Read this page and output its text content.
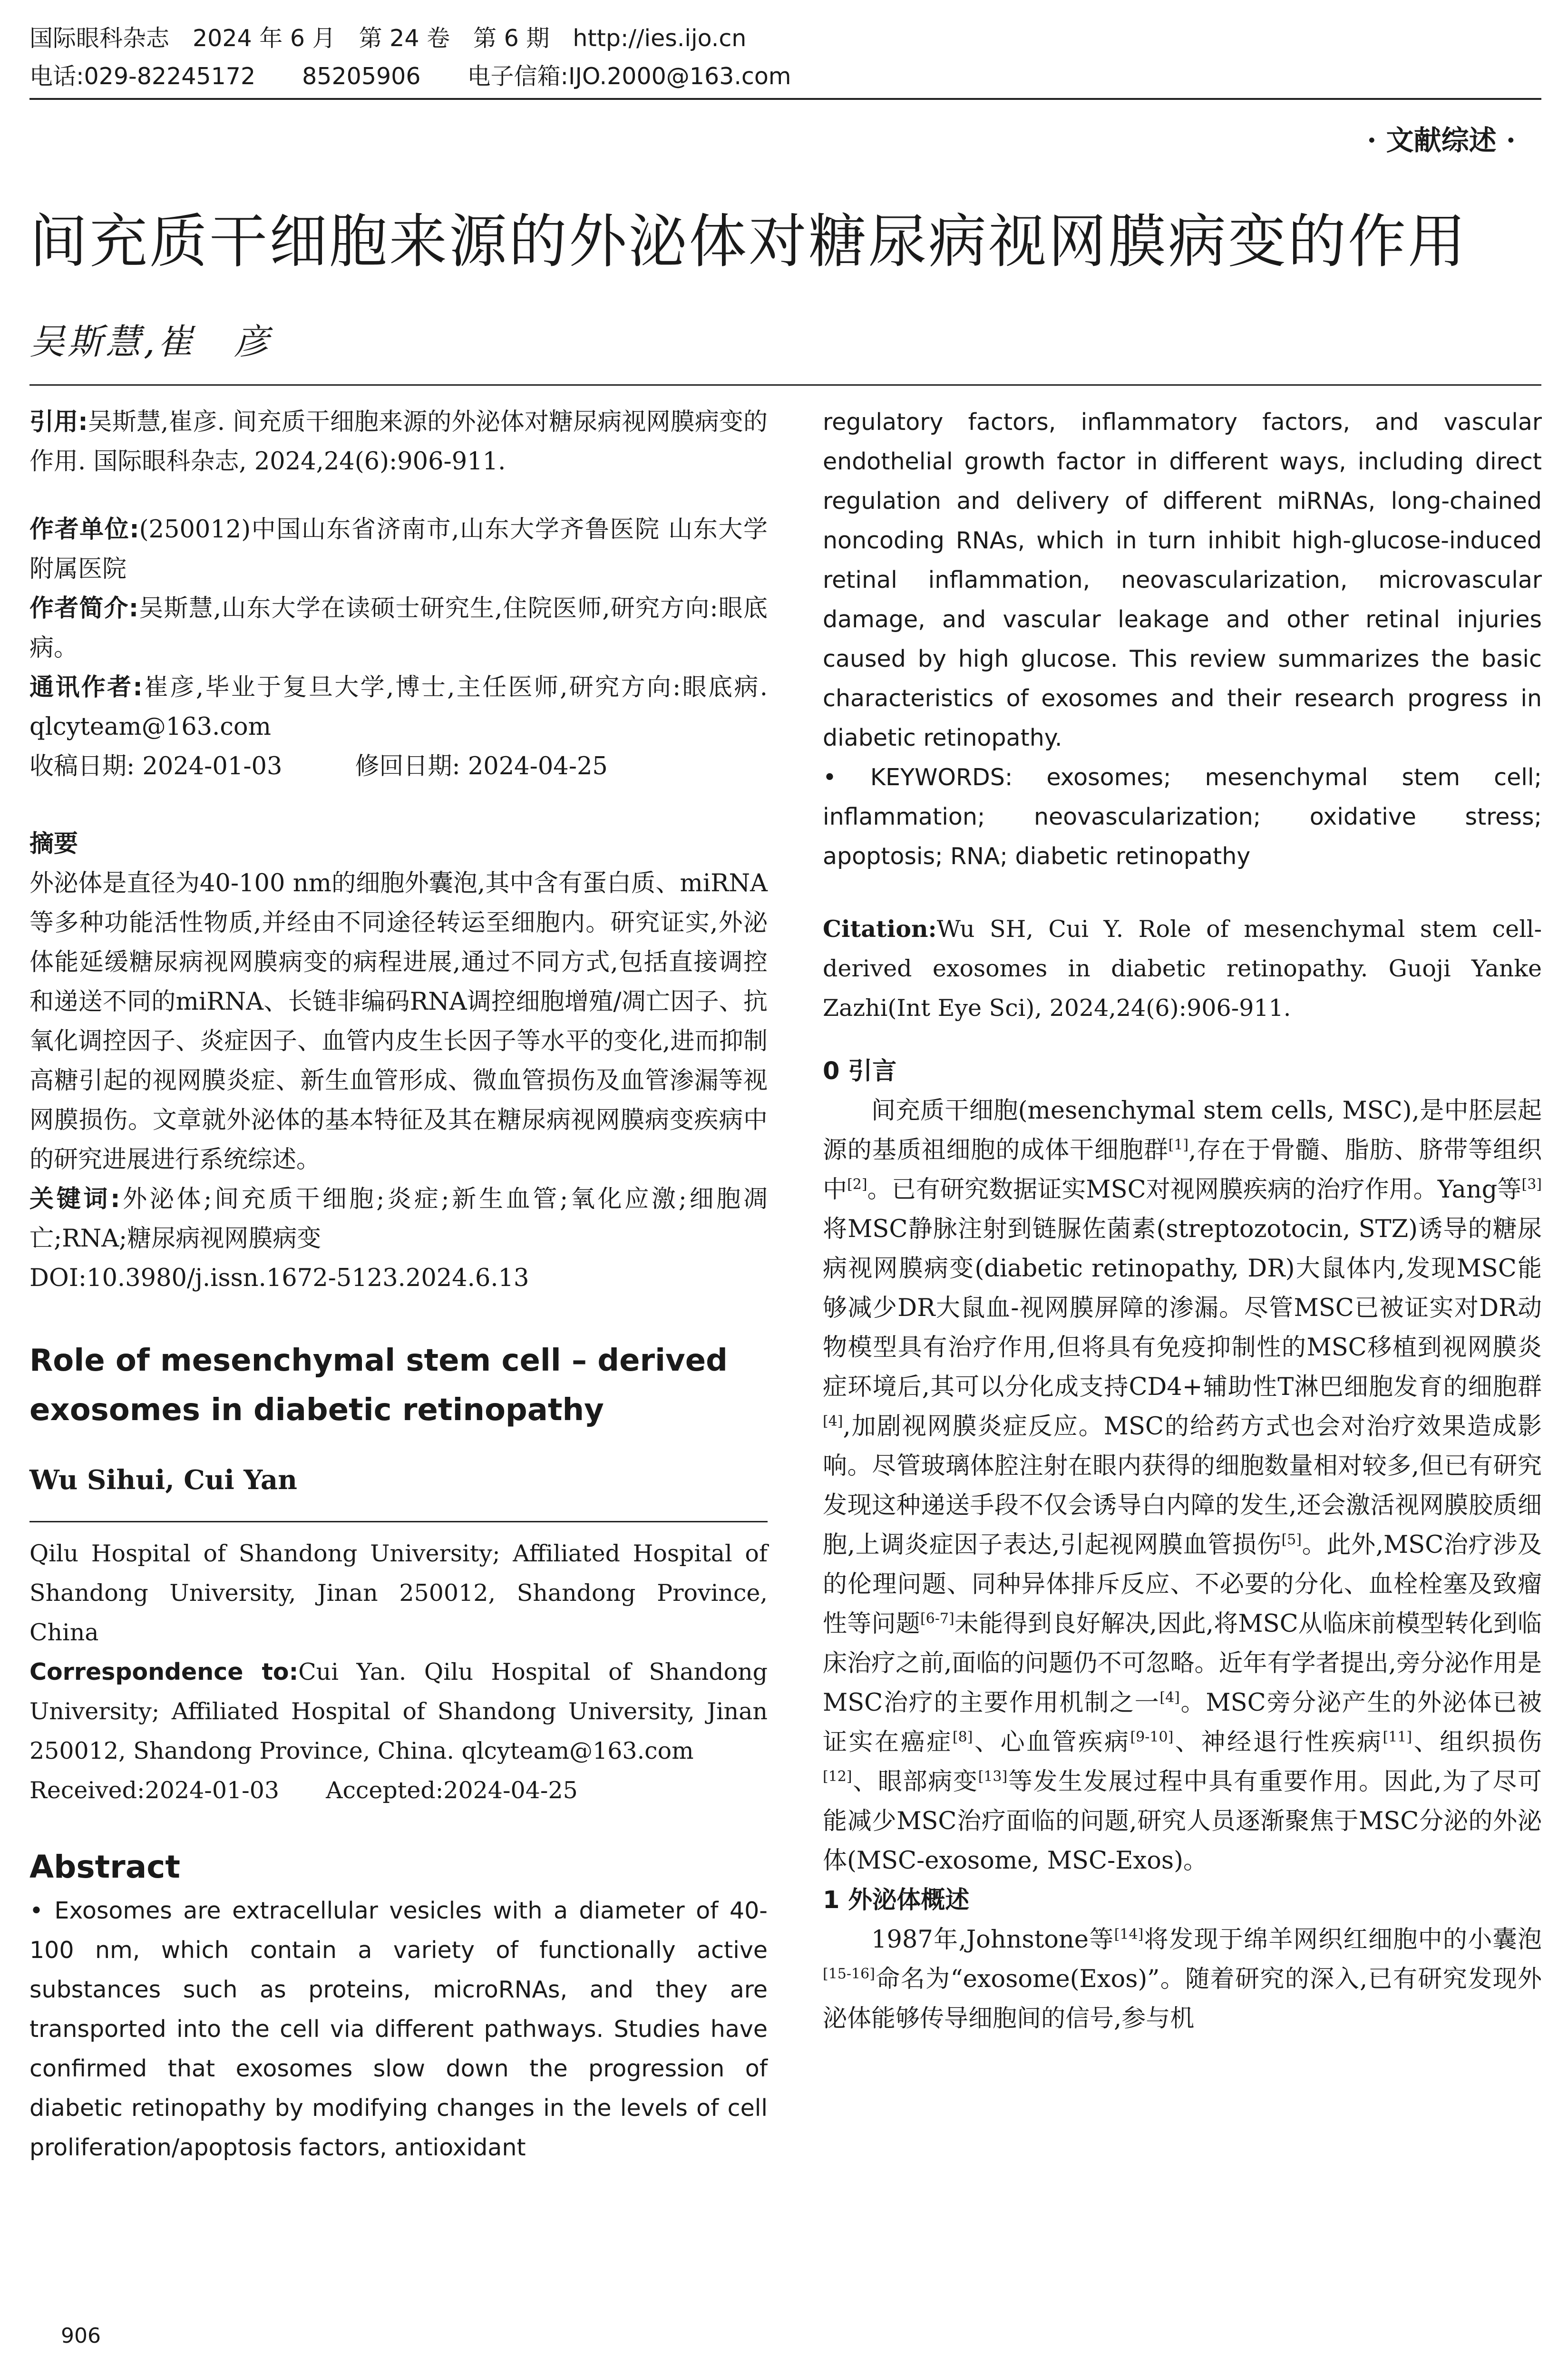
国际眼科杂志　2024 年 6 月　第 24 卷　第 6 期　http://ies.ijo.cn
电话:029-82245172　　85205906　　电子信箱:IJO.2000@163.com
· 文献综述 ·
间充质干细胞来源的外泌体对糖尿病视网膜病变的作用
吴斯慧,崔　彦

引用:吴斯慧,崔彦. 间充质干细胞来源的外泌体对糖尿病视网膜病变的作用. 国际眼科杂志, 2024,24(6):906-911.

作者单位:(250012)中国山东省济南市,山东大学齐鲁医院 山东大学附属医院

作者简介:吴斯慧,山东大学在读硕士研究生,住院医师,研究方向:眼底病。

通讯作者:崔彦,毕业于复旦大学,博士,主任医师,研究方向:眼底病. qlcyteam@163.com

收稿日期: 2024-01-03　　　修回日期: 2024-04-25

摘要

外泌体是直径为40-100 nm的细胞外囊泡,其中含有蛋白质、miRNA等多种功能活性物质,并经由不同途径转运至细胞内。研究证实,外泌体能延缓糖尿病视网膜病变的病程进展,通过不同方式,包括直接调控和递送不同的miRNA、长链非编码RNA调控细胞增殖/凋亡因子、抗氧化调控因子、炎症因子、血管内皮生长因子等水平的变化,进而抑制高糖引起的视网膜炎症、新生血管形成、微血管损伤及血管渗漏等视网膜损伤。文章就外泌体的基本特征及其在糖尿病视网膜病变疾病中的研究进展进行系统综述。

关键词:外泌体;间充质干细胞;炎症;新生血管;氧化应激;细胞凋亡;RNA;糖尿病视网膜病变

DOI:10.3980/j.issn.1672-5123.2024.6.13

Role of mesenchymal stem cell – derived exosomes in diabetic retinopathy

Wu Sihui, Cui Yan

Qilu Hospital of Shandong University; Affiliated Hospital of Shandong University, Jinan 250012, Shandong Province, China

Correspondence to:Cui Yan. Qilu Hospital of Shandong University; Affiliated Hospital of Shandong University, Jinan 250012, Shandong Province, China. qlcyteam@163.com

Received:2024-01-03　　Accepted:2024-04-25

Abstract

• Exosomes are extracellular vesicles with a diameter of 40-100 nm, which contain a variety of functionally active substances such as proteins, microRNAs, and they are transported into the cell via different pathways. Studies have confirmed that exosomes slow down the progression of diabetic retinopathy by modifying changes in the levels of cell proliferation/apoptosis factors, antioxidant

regulatory factors, inflammatory factors, and vascular endothelial growth factor in different ways, including direct regulation and delivery of different miRNAs, long-chained noncoding RNAs, which in turn inhibit high-glucose-induced retinal inflammation, neovascularization, microvascular damage, and vascular leakage and other retinal injuries caused by high glucose. This review summarizes the basic characteristics of exosomes and their research progress in diabetic retinopathy.

• KEYWORDS: exosomes; mesenchymal stem cell; inflammation; neovascularization; oxidative stress; apoptosis; RNA; diabetic retinopathy

Citation:Wu SH, Cui Y. Role of mesenchymal stem cell-derived exosomes in diabetic retinopathy. Guoji Yanke Zazhi(Int Eye Sci), 2024,24(6):906-911.

0 引言

间充质干细胞(mesenchymal stem cells, MSC),是中胚层起源的基质祖细胞的成体干细胞群[1],存在于骨髓、脂肪、脐带等组织中[2]。已有研究数据证实MSC对视网膜疾病的治疗作用。Yang等[3]将MSC静脉注射到链脲佐菌素(streptozotocin, STZ)诱导的糖尿病视网膜病变(diabetic retinopathy, DR)大鼠体内,发现MSC能够减少DR大鼠血-视网膜屏障的渗漏。尽管MSC已被证实对DR动物模型具有治疗作用,但将具有免疫抑制性的MSC移植到视网膜炎症环境后,其可以分化成支持CD4+辅助性T淋巴细胞发育的细胞群[4],加剧视网膜炎症反应。MSC的给药方式也会对治疗效果造成影响。尽管玻璃体腔注射在眼内获得的细胞数量相对较多,但已有研究发现这种递送手段不仅会诱导白内障的发生,还会激活视网膜胶质细胞,上调炎症因子表达,引起视网膜血管损伤[5]。此外,MSC治疗涉及的伦理问题、同种异体排斥反应、不必要的分化、血栓栓塞及致瘤性等问题[6-7]未能得到良好解决,因此,将MSC从临床前模型转化到临床治疗之前,面临的问题仍不可忽略。近年有学者提出,旁分泌作用是MSC治疗的主要作用机制之一[4]。MSC旁分泌产生的外泌体已被证实在癌症[8]、心血管疾病[9-10]、神经退行性疾病[11]、组织损伤[12]、眼部病变[13]等发生发展过程中具有重要作用。因此,为了尽可能减少MSC治疗面临的问题,研究人员逐渐聚焦于MSC分泌的外泌体(MSC-exosome, MSC-Exos)。

1 外泌体概述

1987年,Johnstone等[14]将发现于绵羊网织红细胞中的小囊泡[15-16]命名为“exosome(Exos)”。随着研究的深入,已有研究发现外泌体能够传导细胞间的信号,参与机

906
